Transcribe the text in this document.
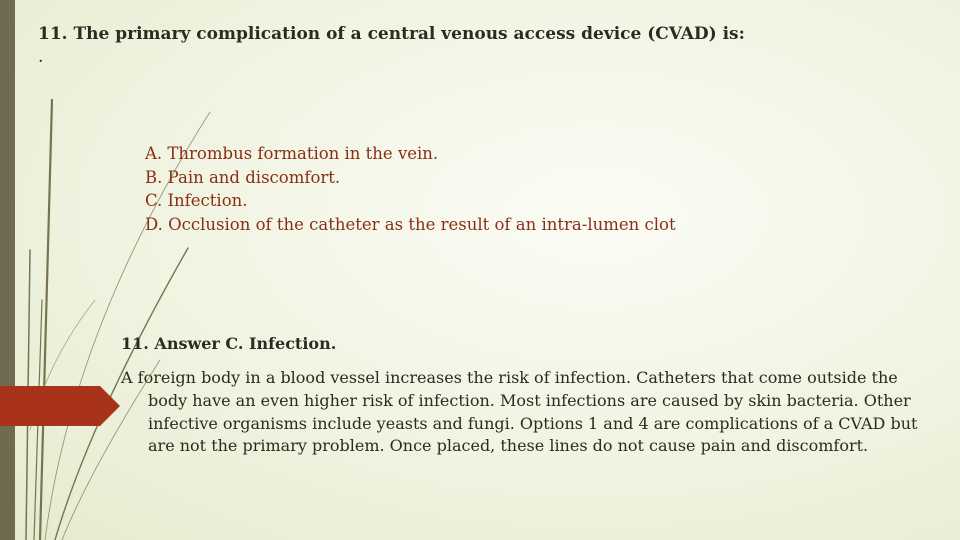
11. The primary complication of a central venous access device (CVAD) is:
.
A. Thrombus formation in the vein.
B. Pain and discomfort.
C. Infection.
D. Occlusion of the catheter as the result of an intra-lumen clot
11. Answer C. Infection.

A foreign body in a blood vessel increases the risk of infection. Catheters that come outside the body have an even higher risk of infection. Most infections are caused by skin bacteria. Other infective organisms include yeasts and fungi. Options 1 and 4 are complications of a CVAD but are not the primary problem. Once placed, these lines do not cause pain and discomfort.
